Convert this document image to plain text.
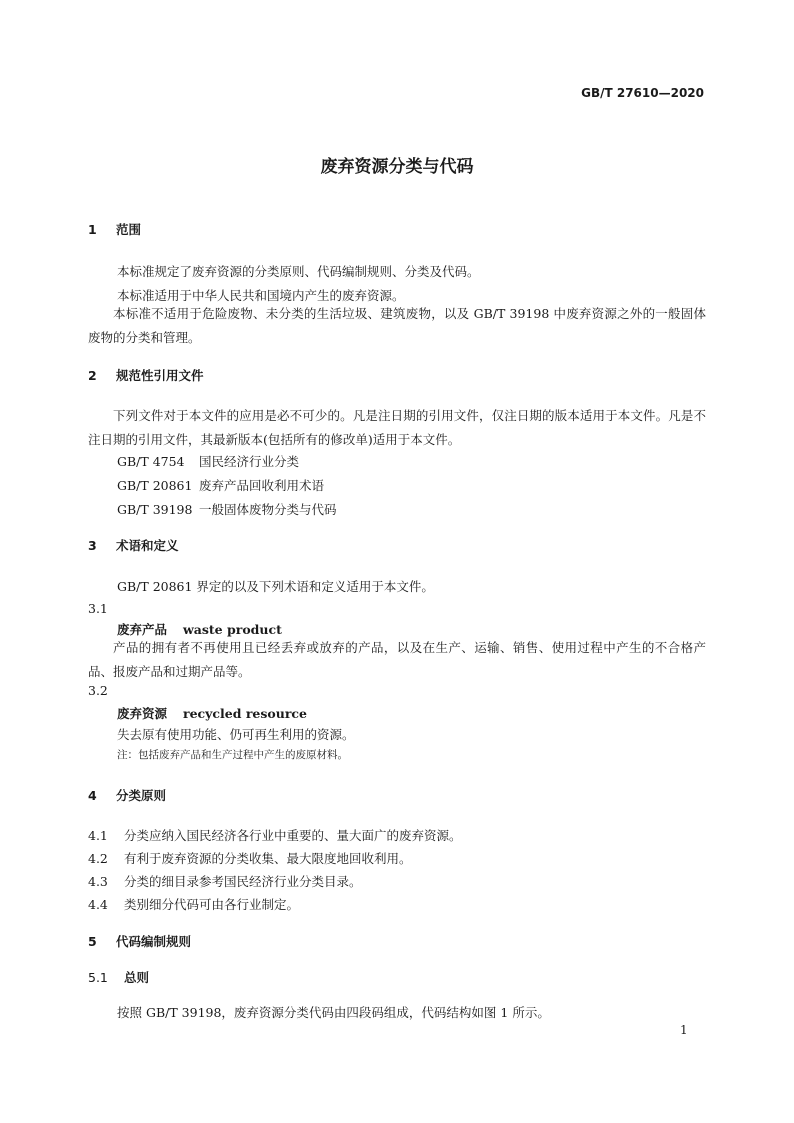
GB/T 27610—2020
废弃资源分类与代码
1 范围
本标准规定了废弃资源的分类原则、代码编制规则、分类及代码。
本标准适用于中华人民共和国境内产生的废弃资源。
本标准不适用于危险废物、未分类的生活垃圾、建筑废物，以及 GB/T 39198 中废弃资源之外的一般固体废物的分类和管理。
2 规范性引用文件
下列文件对于本文件的应用是必不可少的。凡是注日期的引用文件，仅注日期的版本适用于本文件。凡是不注日期的引用文件，其最新版本(包括所有的修改单)适用于本文件。
GB/T 4754 国民经济行业分类
GB/T 20861 废弃产品回收利用术语
GB/T 39198 一般固体废物分类与代码
3 术语和定义
GB/T 20861 界定的以及下列术语和定义适用于本文件。
3.1
废弃产品 waste product
产品的拥有者不再使用且已经丢弃或放弃的产品，以及在生产、运输、销售、使用过程中产生的不合格产品、报废产品和过期产品等。
3.2
废弃资源 recycled resource
失去原有使用功能、仍可再生利用的资源。
注：包括废弃产品和生产过程中产生的废原材料。
4 分类原则
4.1 分类应纳入国民经济各行业中重要的、量大面广的废弃资源。
4.2 有利于废弃资源的分类收集、最大限度地回收利用。
4.3 分类的细目录参考国民经济行业分类目录。
4.4 类别细分代码可由各行业制定。
5 代码编制规则
5.1 总则
按照 GB/T 39198，废弃资源分类代码由四段码组成，代码结构如图 1 所示。
1
